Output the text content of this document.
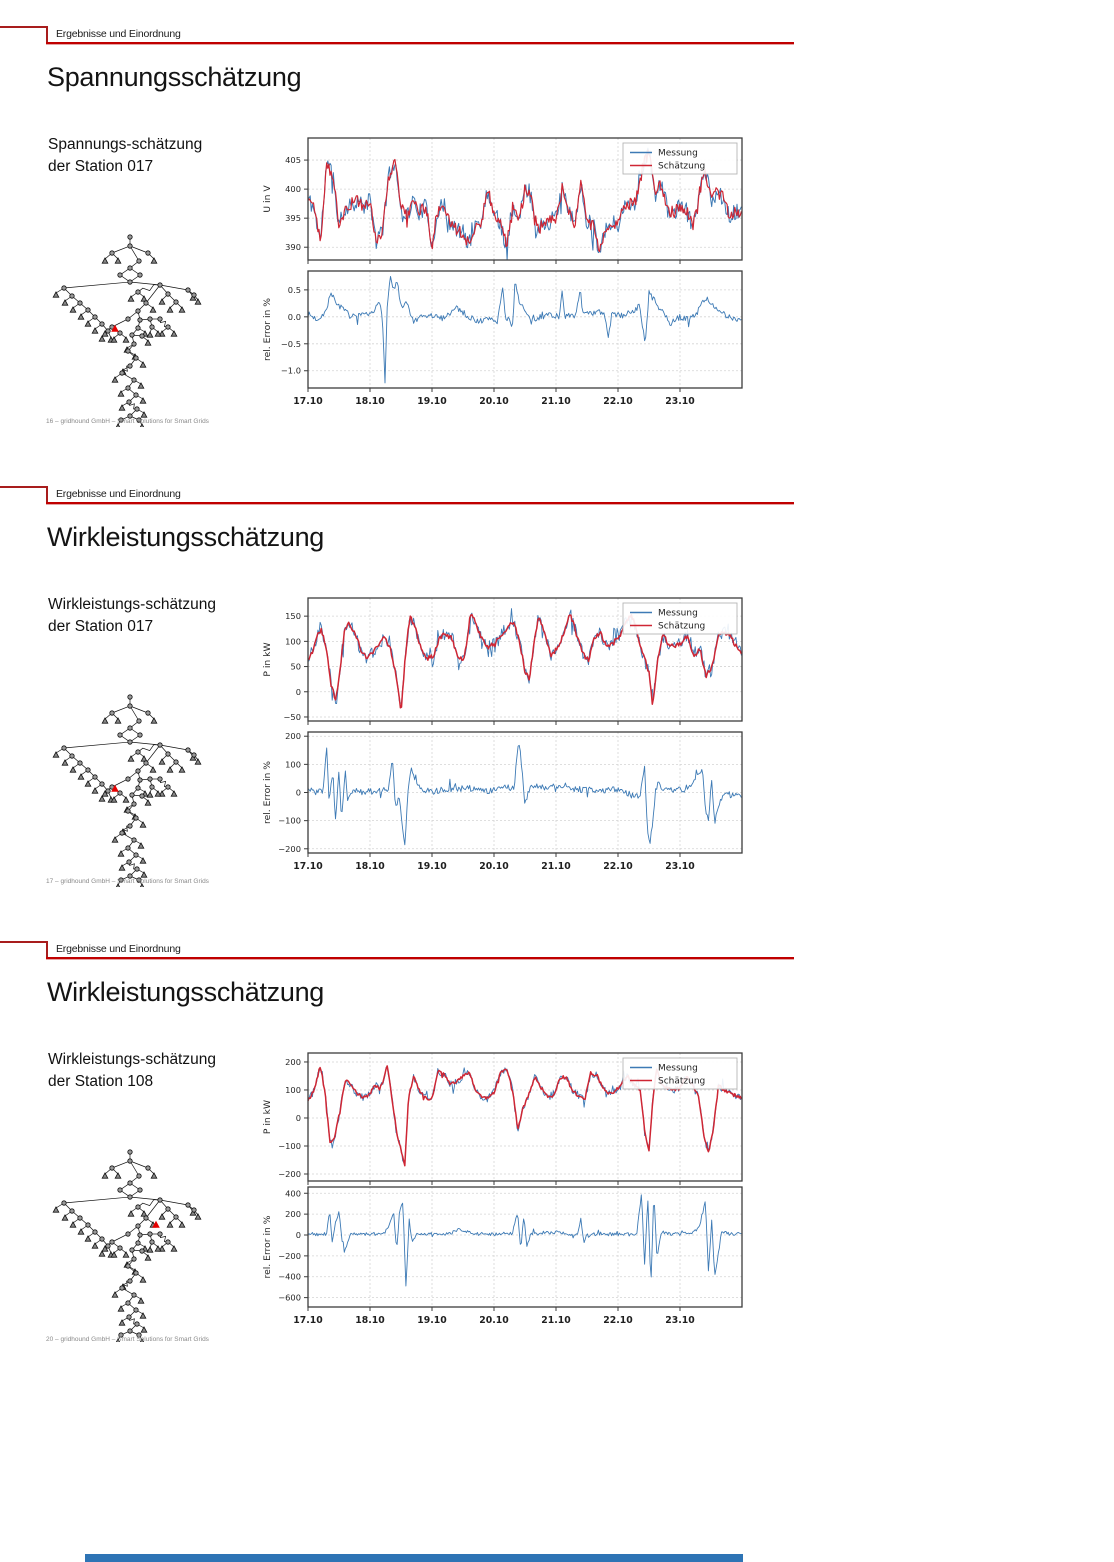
Ergebnisse und Einordnung
Spannungsschätzung

Spannungs-schätzung
der Station 017

390
395
400
405
U in V
Messung
Schätzung
0.5
0.0
−0.5
−1.0
17.10	18.10	19.10	20.10	21.10	22.10	23.10
rel. Error in %
16 – gridhound GmbH – Smart Solutions for Smart Grids
Ergebnisse und Einordnung
Wirkleistungsschätzung

Wirkleistungs-schätzung
der Station 017

150
100
50
0
−50
P in kW
Messung
Schätzung
200
100
0
−100
−200
17.10	18.10	19.10	20.10	21.10	22.10	23.10
rel. Error in %
17 – gridhound GmbH – Smart Solutions for Smart Grids
Ergebnisse und Einordnung
Wirkleistungsschätzung

Wirkleistungs-schätzung
der Station 108

200
100
0
−100
−200
P in kW
Messung
Schätzung
400
200
0
−200
−400
−600
17.10	18.10	19.10	20.10	21.10	22.10	23.10
rel. Error in %
20 – gridhound GmbH – Smart Solutions for Smart Grids
